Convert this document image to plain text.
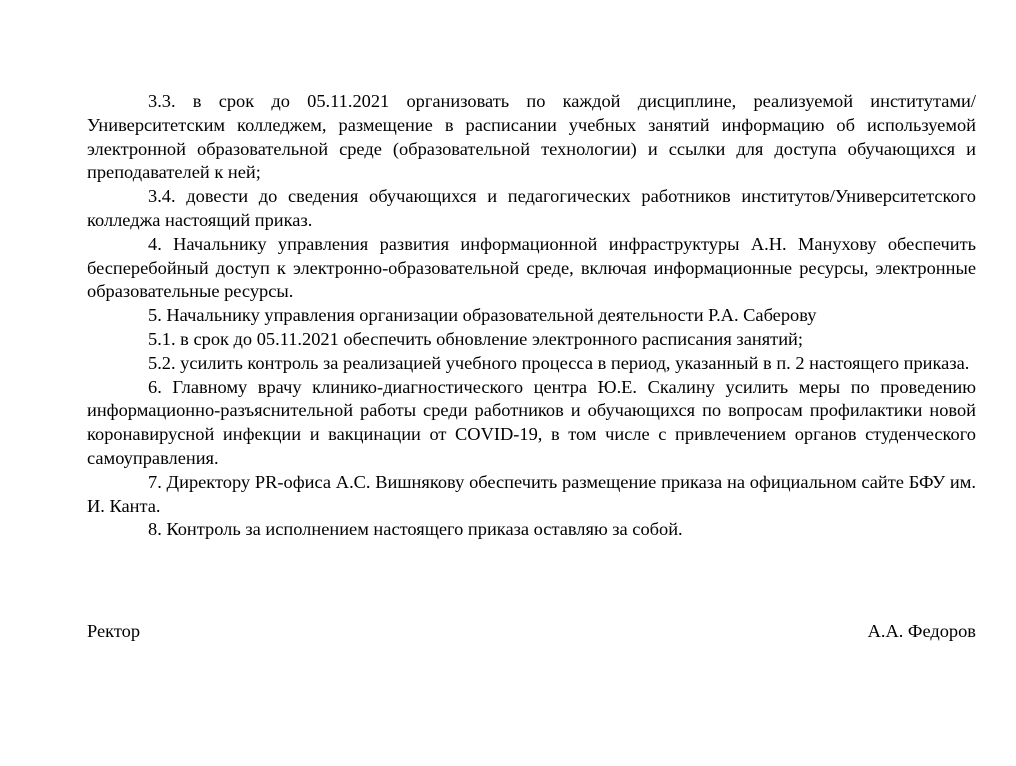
3.3. в срок до 05.11.2021 организовать по каждой дисциплине, реализуемой институтами/Университетским колледжем, размещение в расписании учебных занятий информацию об используемой электронной образовательной среде (образовательной технологии) и ссылки для доступа обучающихся и преподавателей к ней;

3.4. довести до сведения обучающихся и педагогических работников институтов/Университетского колледжа настоящий приказ.

4. Начальнику управления развития информационной инфраструктуры А.Н. Манухову обеспечить бесперебойный доступ к электронно-образовательной среде, включая информационные ресурсы, электронные образовательные ресурсы.

5. Начальнику управления организации образовательной деятельности Р.А. Саберову

5.1. в срок до 05.11.2021 обеспечить обновление электронного расписания занятий;

5.2. усилить контроль за реализацией учебного процесса в период, указанный в п. 2 настоящего приказа.

6. Главному врачу клинико-диагностического центра Ю.Е. Скалину усилить меры по проведению информационно-разъяснительной работы среди работников и обучающихся по вопросам профилактики новой коронавирусной инфекции и вакцинации от COVID-19, в том числе с привлечением органов студенческого самоуправления.

7. Директору PR-офиса А.С. Вишнякову обеспечить размещение приказа на официальном сайте БФУ им. И. Канта.

8. Контроль за исполнением настоящего приказа оставляю за собой.

Ректор	А.А. Федоров
